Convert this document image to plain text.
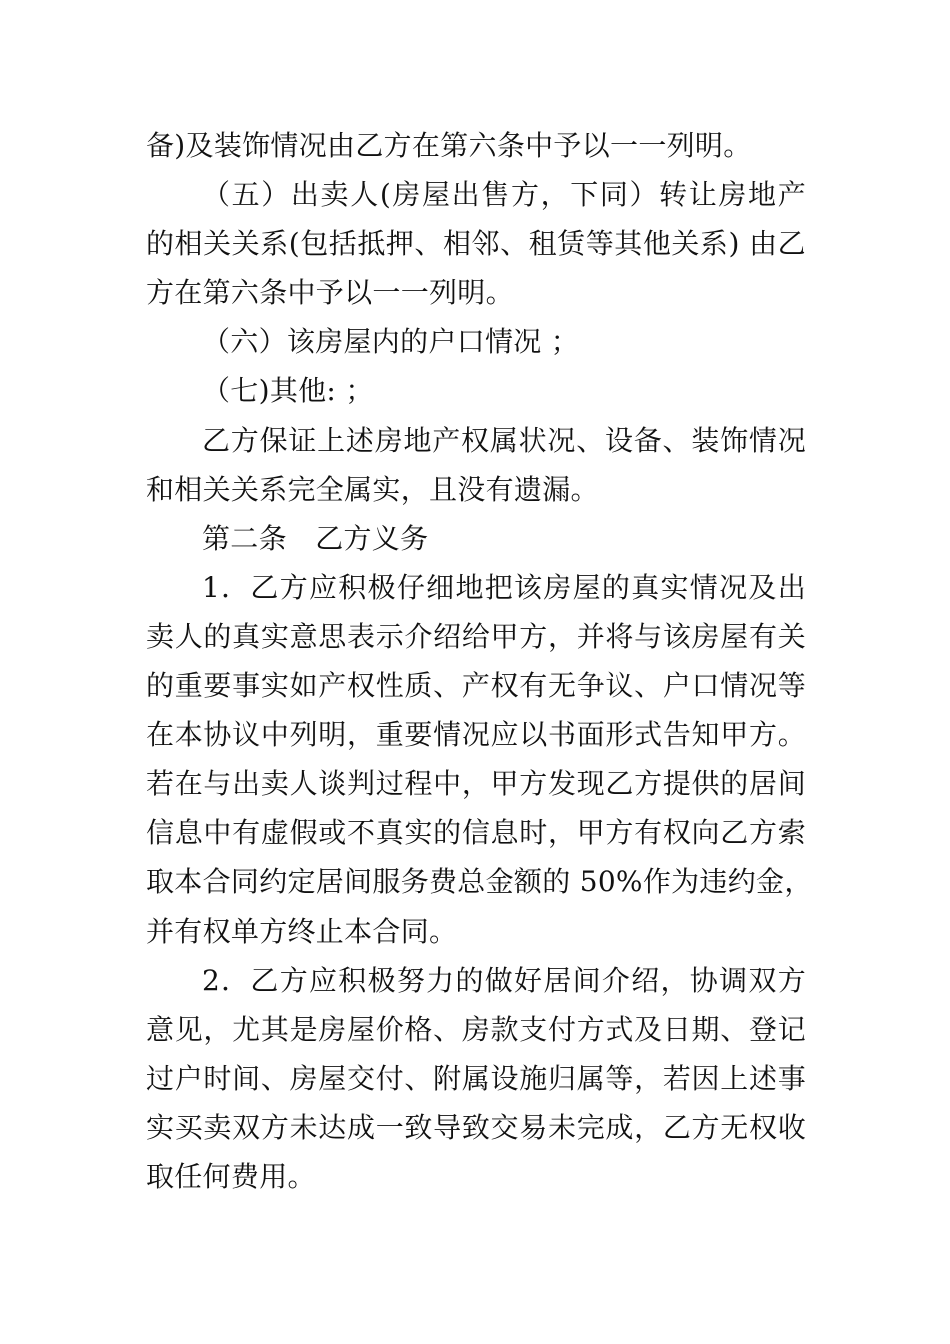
备)及装饰情况由乙方在第六条中予以一一列明。
（五）出卖人(房屋出售方，下同）转让房地产
的相关关系(包括抵押、相邻、租赁等其他关系) 由乙
方在第六条中予以一一列明。
（六）该房屋内的户口情况 ；
（七)其他: ；
乙方保证上述房地产权属状况、设备、装饰情况
和相关关系完全属实，且没有遗漏。
第二条　乙方义务
1．乙方应积极仔细地把该房屋的真实情况及出
卖人的真实意思表示介绍给甲方，并将与该房屋有关
的重要事实如产权性质、产权有无争议、户口情况等
在本协议中列明，重要情况应以书面形式告知甲方。
若在与出卖人谈判过程中，甲方发现乙方提供的居间
信息中有虚假或不真实的信息时，甲方有权向乙方索
取本合同约定居间服务费总金额的 50%作为违约金，
并有权单方终止本合同。
2．乙方应积极努力的做好居间介绍，协调双方
意见，尤其是房屋价格、房款支付方式及日期、登记
过户时间、房屋交付、附属设施归属等，若因上述事
实买卖双方未达成一致导致交易未完成，乙方无权收
取任何费用。
